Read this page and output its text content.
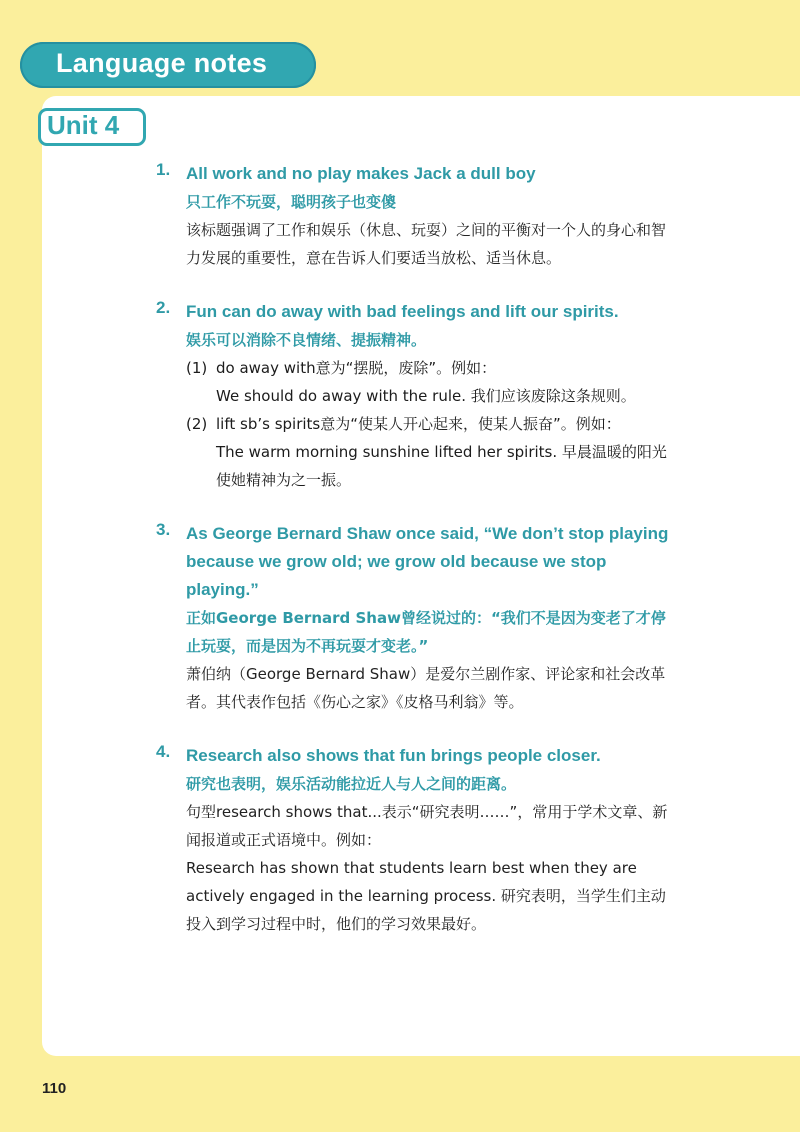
Language notes
Unit 4
1. All work and no play makes Jack a dull boy
只工作不玩耍，聪明孩子也变傻
该标题强调了工作和娱乐（休息、玩耍）之间的平衡对一个人的身心和智力发展的重要性，意在告诉人们要适当放松、适当休息。
2. Fun can do away with bad feelings and lift our spirits.
娱乐可以消除不良情绪、提振精神。
(1) do away with意为“摆脱，废除”。例如：
We should do away with the rule. 我们应该废除这条规则。
(2) lift sb’s spirits意为“使某人开心起来，使某人振奋”。例如：
The warm morning sunshine lifted her spirits. 早晨温暖的阳光使她精神为之一振。
3. As George Bernard Shaw once said, “We don’t stop playing because we grow old; we grow old because we stop playing.”
正如George Bernard Shaw曾经说过的：“我们不是因为变老了才停止玩耍，而是因为不再玩耍才变老。”
萧伯纳（George Bernard Shaw）是爱尔兰剧作家、评论家和社会改革者。其代表作包括《伤心之家》《皮格马利翁》等。
4. Research also shows that fun brings people closer.
研究也表明，娱乐活动能拉近人与人之间的距离。
句型research shows that...表示“研究表明……”，常用于学术文章、新闻报道或正式语境中。例如：
Research has shown that students learn best when they are actively engaged in the learning process. 研究表明，当学生们主动投入到学习过程中时，他们的学习效果最好。
110
